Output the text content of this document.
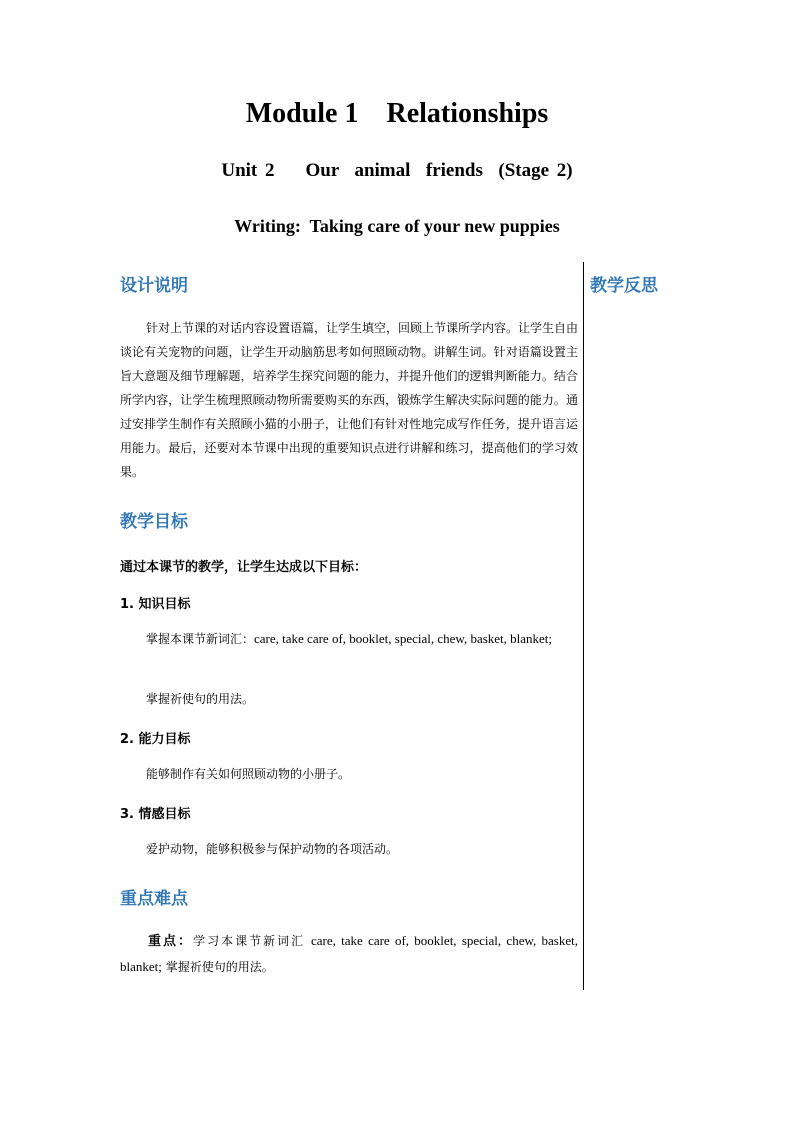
Module 1    Relationships
Unit 2    Our  animal  friends  (Stage 2)
Writing:  Taking care of your new puppies
教学反思
设计说明

针对上节课的对话内容设置语篇，让学生填空，回顾上节课所学内容。让学生自由谈论有关宠物的问题，让学生开动脑筋思考如何照顾动物。讲解生词。针对语篇设置主旨大意题及细节理解题，培养学生探究问题的能力，并提升他们的逻辑判断能力。结合所学内容，让学生梳理照顾动物所需要购买的东西，锻炼学生解决实际问题的能力。通过安排学生制作有关照顾小猫的小册子，让他们有针对性地完成写作任务，提升语言运用能力。最后，还要对本节课中出现的重要知识点进行讲解和练习，提高他们的学习效果。

教学目标

通过本课节的教学，让学生达成以下目标：

1. 知识目标

掌握本课节新词汇：care, take care of, booklet, special, chew, basket, blanket;

掌握祈使句的用法。

2. 能力目标

能够制作有关如何照顾动物的小册子。

3. 情感目标

爱护动物，能够积极参与保护动物的各项活动。

重点难点

重点：学习本课节新词汇 care, take care of, booklet, special, chew, basket, blanket; 掌握祈使句的用法。
